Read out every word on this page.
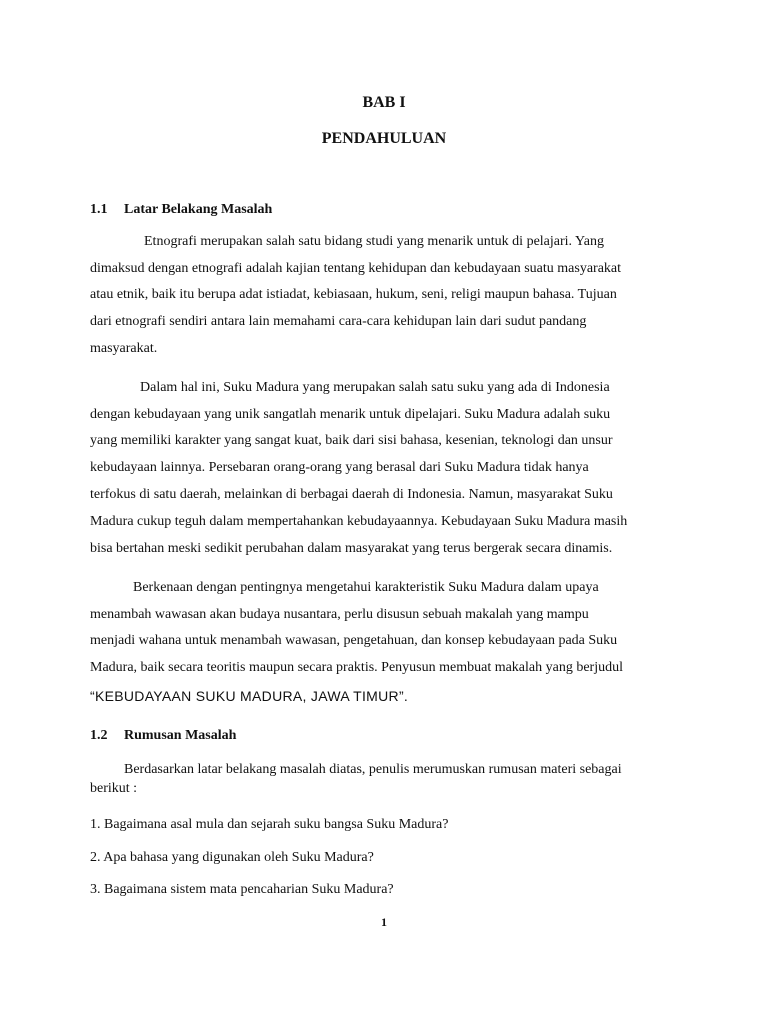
BAB I
PENDAHULUAN
1.1 Latar Belakang Masalah
Etnografi merupakan salah satu bidang studi yang menarik untuk di pelajari. Yang
dimaksud dengan etnografi adalah kajian tentang kehidupan dan kebudayaan suatu masyarakat
atau etnik, baik itu berupa adat istiadat, kebiasaan, hukum, seni, religi maupun bahasa. Tujuan
dari etnografi sendiri antara lain memahami cara-cara kehidupan lain dari sudut pandang
masyarakat.
Dalam hal ini, Suku Madura yang merupakan salah satu suku yang ada di Indonesia
dengan kebudayaan yang unik sangatlah menarik untuk dipelajari. Suku Madura adalah suku
yang memiliki karakter yang sangat kuat, baik dari sisi bahasa, kesenian, teknologi dan unsur
kebudayaan lainnya. Persebaran orang-orang yang berasal dari Suku Madura tidak hanya
terfokus di satu daerah, melainkan di berbagai daerah di Indonesia. Namun, masyarakat Suku
Madura cukup teguh dalam mempertahankan kebudayaannya. Kebudayaan Suku Madura masih
bisa bertahan meski sedikit perubahan dalam masyarakat yang terus bergerak secara dinamis.
Berkenaan dengan pentingnya mengetahui karakteristik Suku Madura dalam upaya
menambah wawasan akan budaya nusantara, perlu disusun sebuah makalah yang mampu
menjadi wahana untuk menambah wawasan, pengetahuan, dan konsep kebudayaan pada Suku
Madura, baik secara teoritis maupun secara praktis. Penyusun membuat makalah yang berjudul
“KEBUDAYAAN SUKU MADURA, JAWA TIMUR”.
1.2 Rumusan Masalah
Berdasarkan latar belakang masalah diatas, penulis merumuskan rumusan materi sebagai
berikut :
1. Bagaimana asal mula dan sejarah suku bangsa Suku Madura?
2. Apa bahasa yang digunakan oleh Suku Madura?
3. Bagaimana sistem mata pencaharian Suku Madura?
1
